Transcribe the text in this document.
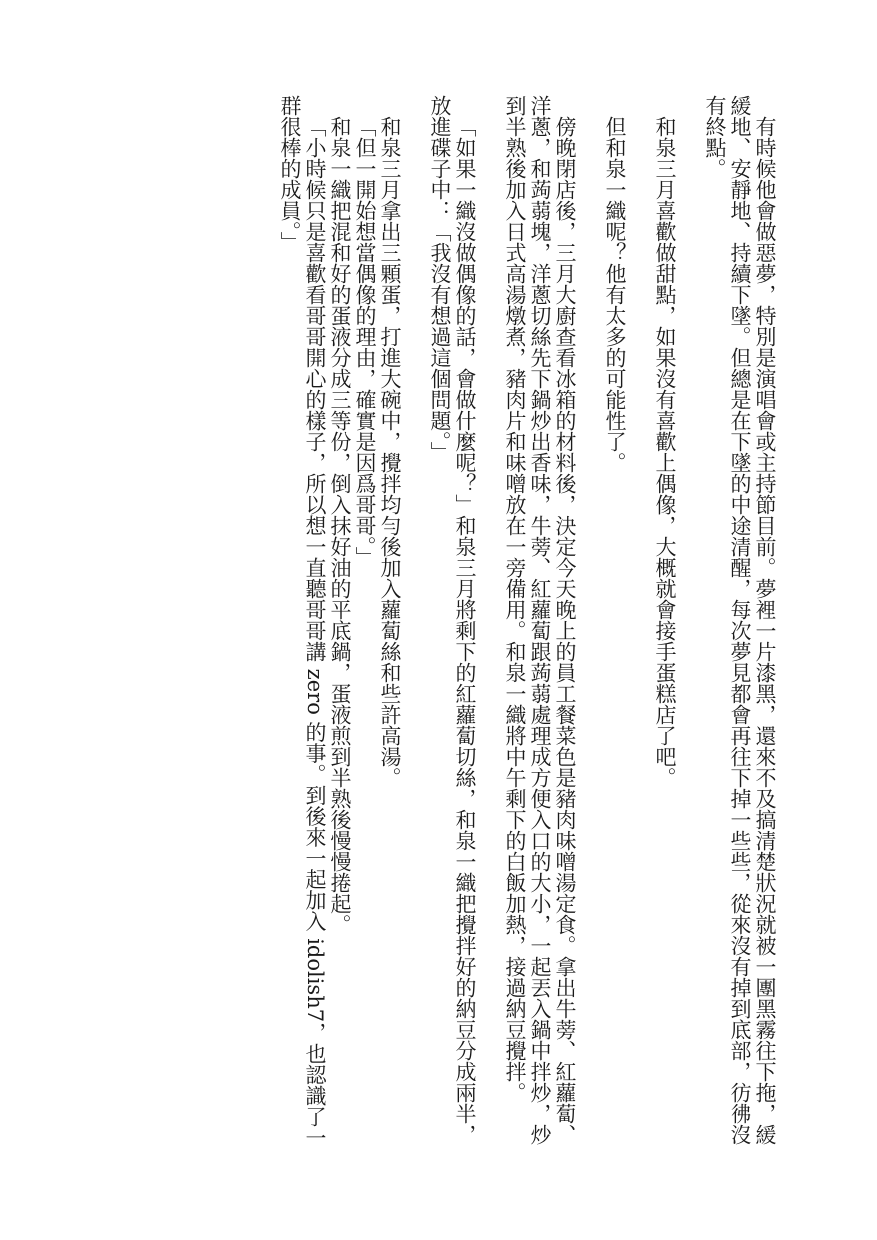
有時候他會做惡夢，特別是演唱會或主持節目前。夢裡一片漆黑，還來不及搞清楚狀況就被一團黑霧往下拖，緩緩地、安靜地、持續下墜。但總是在下墜的中途清醒，每次夢見都會再往下掉一些些，從來沒有掉到底部，彷彿沒有終點。

和泉三月喜歡做甜點，如果沒有喜歡上偶像，大概就會接手蛋糕店了吧。

但和泉一織呢？他有太多的可能性了。

傍晚閉店後，三月大廚查看冰箱的材料後，決定今天晚上的員工餐菜色是豬肉味噌湯定食。拿出牛蒡、紅蘿蔔、洋蔥，和蒟蒻塊，洋蔥切絲先下鍋炒出香味，牛蒡、紅蘿蔔跟蒟蒻處理成方便入口的大小，一起丟入鍋中拌炒，炒到半熟後加入日式高湯燉煮，豬肉片和味噌放在一旁備用。和泉一織將中午剩下的白飯加熱，接過納豆攪拌。

「如果一織沒做偶像的話，會做什麼呢？」和泉三月將剩下的紅蘿蔔切絲，和泉一織把攪拌好的納豆分成兩半，放進碟子中：「我沒有想過這個問題。」

和泉三月拿出三顆蛋，打進大碗中，攪拌均勻後加入蘿蔔絲和些許高湯。

「但一開始想當偶像的理由，確實是因爲哥哥。」

和泉一織把混和好的蛋液分成三等份，倒入抹好油的平底鍋，蛋液煎到半熟後慢慢捲起。

「小時候只是喜歡看哥哥開心的樣子，所以想一直聽哥哥講 zero 的事。到後來一起加入 idolish7，也認識了一群很棒的成員。」
